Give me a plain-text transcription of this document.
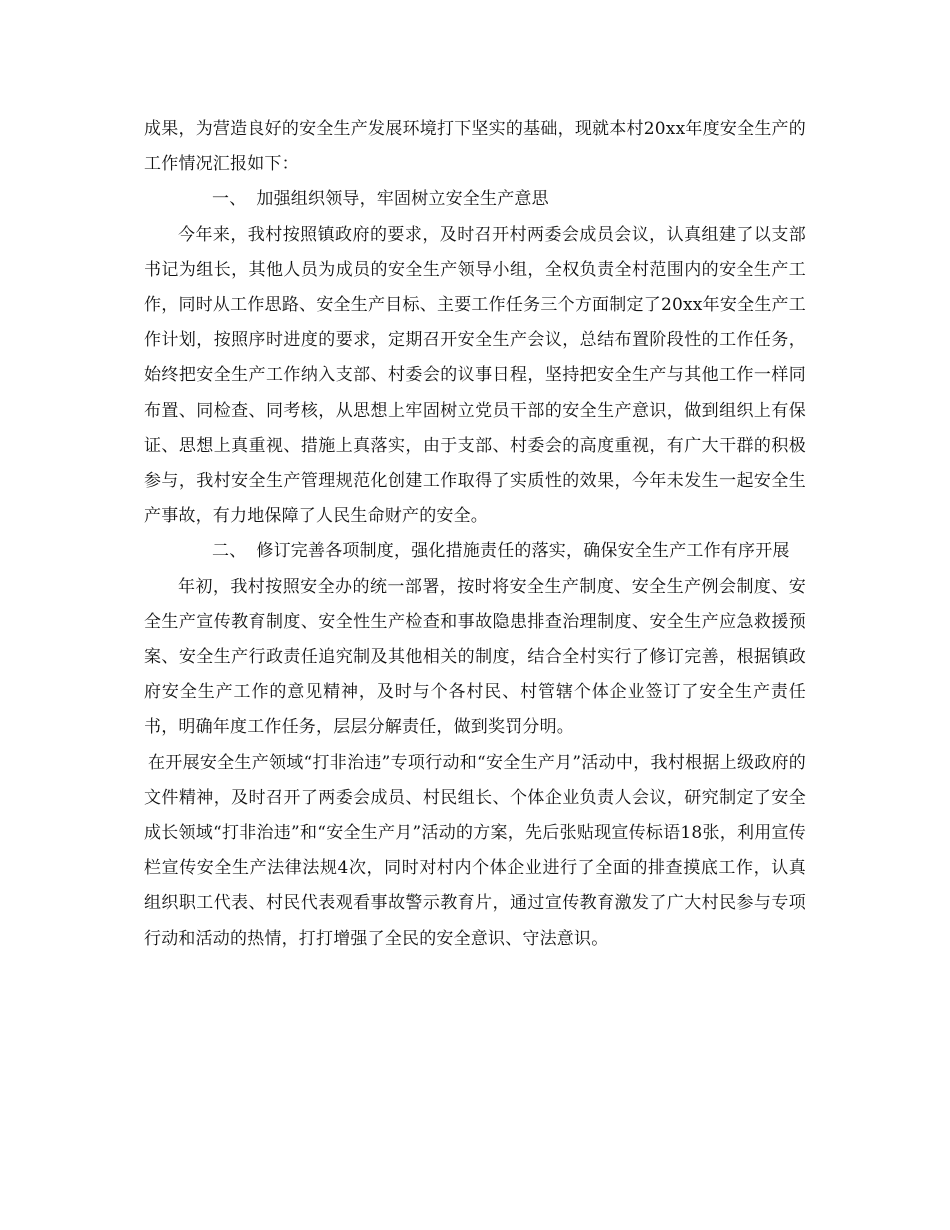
成果，为营造良好的安全生产发展环境打下坚实的基础，现就本村20xx年度安全生产的工作情况汇报如下：

一、 加强组织领导，牢固树立安全生产意思

今年来，我村按照镇政府的要求，及时召开村两委会成员会议，认真组建了以支部书记为组长，其他人员为成员的安全生产领导小组，全权负责全村范围内的安全生产工作，同时从工作思路、安全生产目标、主要工作任务三个方面制定了20xx年安全生产工作计划，按照序时进度的要求，定期召开安全生产会议，总结布置阶段性的工作任务，始终把安全生产工作纳入支部、村委会的议事日程，坚持把安全生产与其他工作一样同布置、同检查、同考核，从思想上牢固树立党员干部的安全生产意识，做到组织上有保证、思想上真重视、措施上真落实，由于支部、村委会的高度重视，有广大干群的积极参与，我村安全生产管理规范化创建工作取得了实质性的效果，今年未发生一起安全生产事故，有力地保障了人民生命财产的安全。

二、 修订完善各项制度，强化措施责任的落实，确保安全生产工作有序开展

年初，我村按照安全办的统一部署，按时将安全生产制度、安全生产例会制度、安全生产宣传教育制度、安全性生产检查和事故隐患排查治理制度、安全生产应急救援预案、安全生产行政责任追究制及其他相关的制度，结合全村实行了修订完善，根据镇政府安全生产工作的意见精神，及时与个各村民、村管辖个体企业签订了安全生产责任书，明确年度工作任务，层层分解责任，做到奖罚分明。

在开展安全生产领域“打非治违”专项行动和“安全生产月”活动中，我村根据上级政府的文件精神，及时召开了两委会成员、村民组长、个体企业负责人会议，研究制定了安全成长领域“打非治违”和“安全生产月”活动的方案，先后张贴现宣传标语18张，利用宣传栏宣传安全生产法律法规4次，同时对村内个体企业进行了全面的排查摸底工作，认真组织职工代表、村民代表观看事故警示教育片，通过宣传教育激发了广大村民参与专项行动和活动的热情，打打增强了全民的安全意识、守法意识。
